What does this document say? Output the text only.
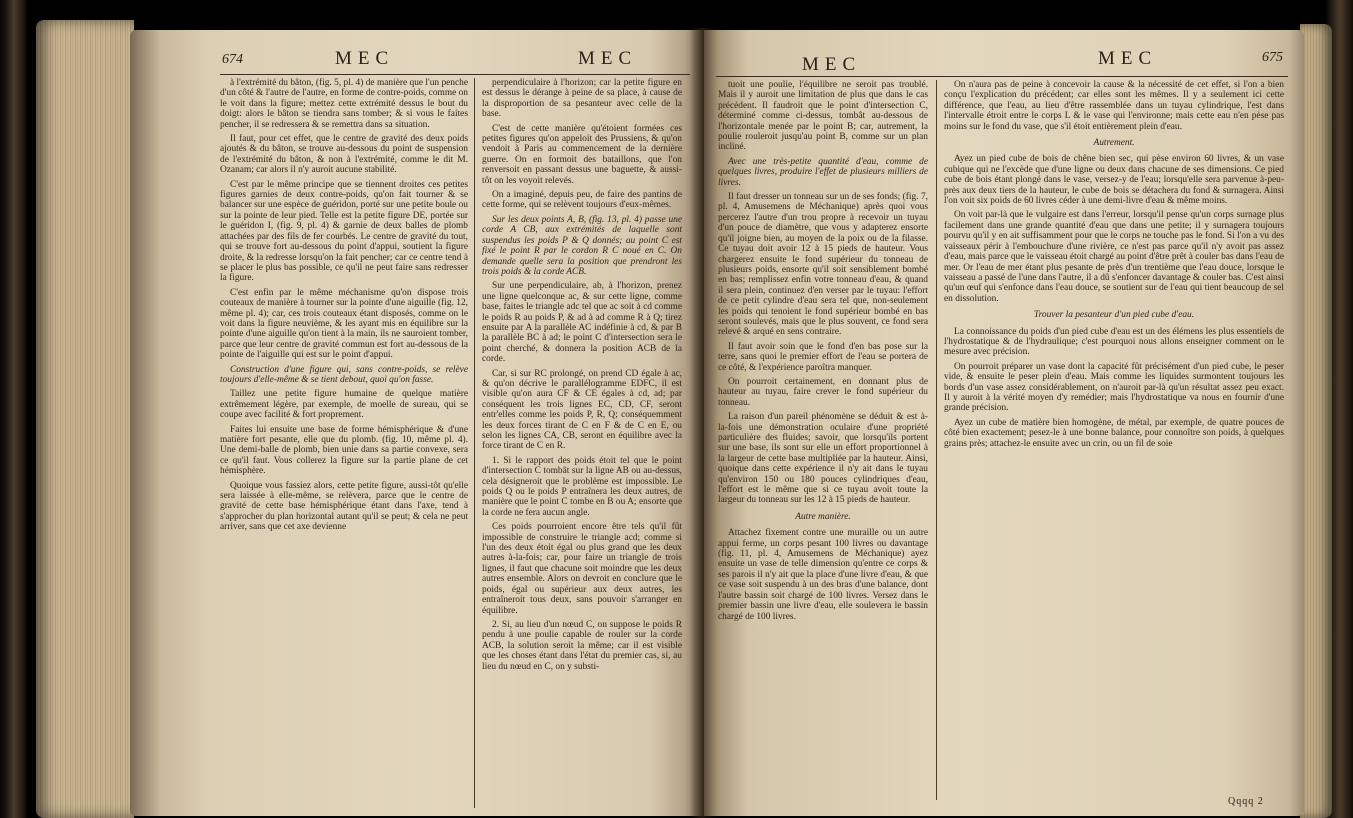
674	MEC	MEC

à l'extrémité du bâton, (fig. 5, pl. 4) de manière que l'un penche d'un côté & l'autre de l'autre, en forme de contre-poids, comme on le voit dans la figure; mettez cette extrémité dessus le bout du doigt: alors le bâton se tiendra sans tomber; & si vous le faites pencher, il se redressera & se remettra dans sa situation.

Il faut, pour cet effet, que le centre de gravité des deux poids ajoutés & du bâton, se trouve au-dessous du point de suspension de l'extrémité du bâton, & non à l'extrémité, comme le dit M. Ozanam; car alors il n'y auroit aucune stabilité.

C'est par le même principe que se tiennent droites ces petites figures garnies de deux contre-poids, qu'on fait tourner & se balancer sur une espèce de guéridon, porté sur une petite boule ou sur la pointe de leur pied. Telle est la petite figure DE, portée sur le guéridon I, (fig. 9, pl. 4) & garnie de deux balles de plomb attachées par des fils de fer courbés. Le centre de gravité du tout, qui se trouve fort au-dessous du point d'appui, soutient la figure droite, & la redresse lorsqu'on la fait pencher; car ce centre tend à se placer le plus bas possible, ce qu'il ne peut faire sans redresser la figure.

C'est enfin par le même méchanisme qu'on dispose trois couteaux de manière à tourner sur la pointe d'une aiguille (fig. 12, même pl. 4); car, ces trois couteaux étant disposés, comme on le voit dans la figure neuvième, & les ayant mis en équilibre sur la pointe d'une aiguille qu'on tient à la main, ils ne sauroient tomber, parce que leur centre de gravité commun est fort au-dessous de la pointe de l'aiguille qui est sur le point d'appui.

Construction d'une figure qui, sans contre-poids, se relève toujours d'elle-même & se tient debout, quoi qu'on fasse.

Taillez une petite figure humaine de quelque matière extrêmement légère, par exemple, de moelle de sureau, qui se coupe avec facilité & fort proprement.

Faites lui ensuite une base de forme hémisphérique & d'une matière fort pesante, elle que du plomb. (fig. 10, même pl. 4). Une demi-balle de plomb, bien unie dans sa partie convexe, sera ce qu'il faut. Vous collerez la figure sur la partie plane de cet hémisphère.

Quoique vous fassiez alors, cette petite figure, aussi-tôt qu'elle sera laissée à elle-même, se relèvera, parce que le centre de gravité de cette base hémisphérique étant dans l'axe, tend à s'approcher du plan horizontal autant qu'il se peut; & cela ne peut arriver, sans que cet axe devienne

perpendiculaire à l'horizon; car la petite figure en est dessus le dérange à peine de sa place, à cause de la disproportion de sa pesanteur avec celle de la base.

C'est de cette manière qu'étoient formées ces petites figures qu'on appeloit des Prussiens, & qu'on vendoit à Paris au commencement de la dernière guerre. On en formoit des bataillons, que l'on renversoit en passant dessus une baguette, & aussi-tôt on les voyoit relevés.

On a imaginé, depuis peu, de faire des pantins de cette forme, qui se relèvent toujours d'eux-mêmes.

Sur les deux points A, B, (fig. 13, pl. 4) passe une corde A CB, aux extrémités de laquelle sont suspendus les poids P & Q donnés; au point C est fixé le point R par le cordon R C noué en C. On demande quelle sera la position que prendront les trois poids & la corde ACB.

Sur une perpendiculaire, ab, à l'horizon, prenez une ligne quelconque ac, & sur cette ligne, comme base, faites le triangle adc tel que ac soit à cd comme le poids R au poids P, & ad à ad comme R à Q; tirez ensuite par A la parallèle AC indéfinie à cd, & par B la parallèle BC à ad; le point C d'intersection sera le point cherché, & donnera la position ACB de la corde.

Car, si sur RC prolongé, on prend CD égale à ac, & qu'on décrive le parallélogramme EDFC, il est visible qu'on aura CF & CE égales à cd, ad; par conséquent les trois lignes EC, CD, CF, seront entr'elles comme les poids P, R, Q; conséquemment les deux forces tirant de C en F & de C en E, ou selon les lignes CA, CB, seront en équilibre avec la force tirant de C en R.

1. Si le rapport des poids étoit tel que le point d'intersection C tombât sur la ligne AB ou au-dessus, cela désigneroit que le problème est impossible. Le poids Q ou le poids P entraînera les deux autres, de manière que le point C tombe en B ou A; ensorte que la corde ne fera aucun angle.

Ces poids pourroient encore être tels qu'il fût impossible de construire le triangle acd; comme si l'un des deux étoit égal ou plus grand que les deux autres à-la-fois; car, pour faire un triangle de trois lignes, il faut que chacune soit moindre que les deux autres ensemble. Alors on devroit en conclure que le poids, égal ou supérieur aux deux autres, les entraîneroit tous deux, sans pouvoir s'arranger en équilibre.

2. Si, au lieu d'un nœud C, on suppose le poids R pendu à une poulie capable de rouler sur la corde ACB, la solution seroit la même; car il est visible que les choses étant dans l'état du premier cas, si, au lieu du nœud en C, on y substi-

MEC	MEC	675

tuoit une poulie, l'équilibre ne seroit pas troublé. Mais il y auroit une limitation de plus que dans le cas précédent. Il faudroit que le point d'intersection C, déterminé comme ci-dessus, tombât au-dessous de l'horizontale menée par le point B; car, autrement, la poulie rouleroit jusqu'au point B, comme sur un plan incliné.

Avec une très-petite quantité d'eau, comme de quelques livres, produire l'effet de plusieurs milliers de livres.

Il faut dresser un tonneau sur un de ses fonds; (fig. 7, pl. 4, Amusemens de Méchanique) après quoi vous percerez l'autre d'un trou propre à recevoir un tuyau d'un pouce de diamètre, que vous y adapterez ensorte qu'il joigne bien, au moyen de la poix ou de la filasse. Ce tuyau doit avoir 12 à 15 pieds de hauteur. Vous chargerez ensuite le fond supérieur du tonneau de plusieurs poids, ensorte qu'il soit sensiblement bombé en bas; remplissez enfin votre tonneau d'eau, & quand il sera plein, continuez d'en verser par le tuyau: l'effort de ce petit cylindre d'eau sera tel que, non-seulement les poids qui tenoient le fond supérieur bombé en bas seront soulevés, mais que le plus souvent, ce fond sera relevé & arqué en sens contraire.

Il faut avoir soin que le fond d'en bas pose sur la terre, sans quoi le premier effort de l'eau se portera de ce côté, & l'expérience paroîtra manquer.

On pourroit certainement, en donnant plus de hauteur au tuyau, faire crever le fond supérieur du tonneau.

La raison d'un pareil phénomène se déduit & est à-la-fois une démonstration oculaire d'une propriété particulière des fluides; savoir, que lorsqu'ils portent sur une base, ils sont sur elle un effort proportionnel à la largeur de cette base multipliée par la hauteur. Ainsi, quoique dans cette expérience il n'y ait dans le tuyau qu'environ 150 ou 180 pouces cylindriques d'eau, l'effort est le même que si ce tuyau avoit toute la largeur du tonneau sur les 12 à 15 pieds de hauteur.

Autre manière.

Attachez fixement contre une muraille ou un autre appui ferme, un corps pesant 100 livres ou davantage (fig. 11, pl. 4, Amusemens de Méchanique) ayez ensuite un vase de telle dimension qu'entre ce corps & ses parois il n'y ait que la place d'une livre d'eau, & que ce vase soit suspendu à un des bras d'une balance, dont l'autre bassin soit chargé de 100 livres. Versez dans le premier bassin une livre d'eau, elle soulevera le bassin chargé de 100 livres.

On n'aura pas de peine à concevoir la cause & la nécessité de cet effet, si l'on a bien conçu l'explication du précédent; car elles sont les mêmes. Il y a seulement ici cette différence, que l'eau, au lieu d'être rassemblée dans un tuyau cylindrique, l'est dans l'intervalle étroit entre le corps L & le vase qui l'environne; mais cette eau n'en pèse pas moins sur le fond du vase, que s'il étoit entièrement plein d'eau.

Autrement.

Ayez un pied cube de bois de chêne bien sec, qui pèse environ 60 livres, & un vase cubique qui ne l'excède que d'une ligne ou deux dans chacune de ses dimensions. Ce pied cube de bois étant plongé dans le vase, versez-y de l'eau; lorsqu'elle sera parvenue à-peu-près aux deux tiers de la hauteur, le cube de bois se détachera du fond & surnagera. Ainsi l'on voit six poids de 60 livres céder à une demi-livre d'eau & même moins.

On voit par-là que le vulgaire est dans l'erreur, lorsqu'il pense qu'un corps surnage plus facilement dans une grande quantité d'eau que dans une petite; il y surnagera toujours pourvu qu'il y en ait suffisamment pour que le corps ne touche pas le fond. Si l'on a vu des vaisseaux périr à l'embouchure d'une rivière, ce n'est pas parce qu'il n'y avoit pas assez d'eau, mais parce que le vaisseau étoit chargé au point d'être prêt à couler bas dans l'eau de mer. Or l'eau de mer étant plus pesante de près d'un trentième que l'eau douce, lorsque le vaisseau a passé de l'une dans l'autre, il a dû s'enfoncer davantage & couler bas. C'est ainsi qu'un œuf qui s'enfonce dans l'eau douce, se soutient sur de l'eau qui tient beaucoup de sel en dissolution.

Trouver la pesanteur d'un pied cube d'eau.

La connoissance du poids d'un pied cube d'eau est un des élémens les plus essentiels de l'hydrostatique & de l'hydraulique; c'est pourquoi nous allons enseigner comment on le mesure avec précision.

On pourroit préparer un vase dont la capacité fût précisément d'un pied cube, le peser vide, & ensuite le peser plein d'eau. Mais comme les liquides surmontent toujours les bords d'un vase assez considérablement, on n'auroit par-là qu'un résultat assez peu exact. Il y auroit à la vérité moyen d'y remédier; mais l'hydrostatique va nous en fournir d'une grande précision.

Ayez un cube de matière bien homogène, de métal, par exemple, de quatre pouces de côté bien exactement; pesez-le à une bonne balance, pour connoître son poids, à quelques grains près; attachez-le ensuite avec un crin, ou un fil de soie

Qqqq 2
